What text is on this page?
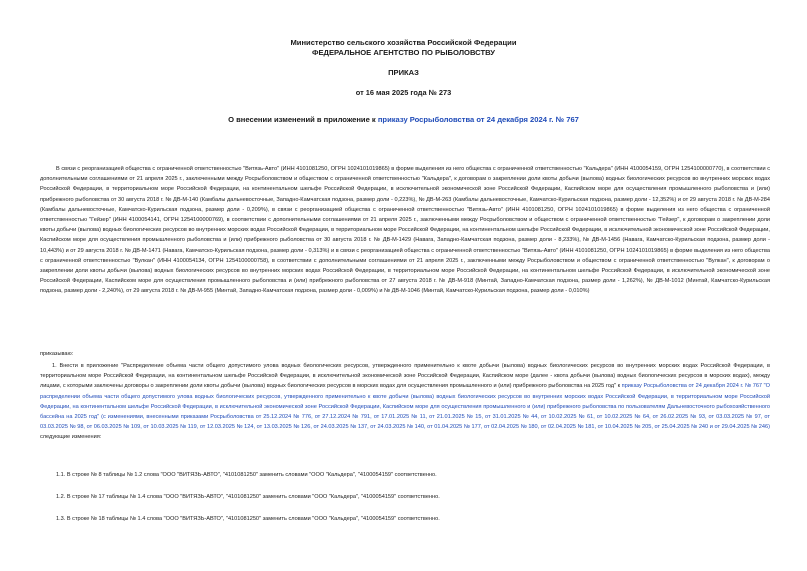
Министерство сельского хозяйства Российской Федерации
ФЕДЕРАЛЬНОЕ АГЕНТСТВО ПО РЫБОЛОВСТВУ
ПРИКАЗ
от 16 мая 2025 года № 273
О внесении изменений в приложение к приказу Росрыболовства от 24 декабря 2024 г. № 767

В связи с реорганизацией общества с ограниченной ответственностью "Витязь-Авто" (ИНН 4101081250, ОГРН 1024101019865) в форме выделения из него общества с ограниченной ответственностью "Кальдера" (ИНН 4100054159, ОГРН 1254100000770), в соответствии с дополнительными соглашениями от 21 апреля 2025 г., заключенными между Росрыболовством и обществом с ограниченной ответственностью "Кальдера", к договорам о закреплении доли квоты добычи (вылова) водных биологических ресурсов во внутренних морских водах Российской Федерации, в территориальном море Российской Федерации, на континентальном шельфе Российской Федерации, в исключительной экономической зоне Российской Федерации, Каспийском море для осуществления промышленного рыболовства и (или) прибрежного рыболовства от 30 августа 2018 г. № ДВ-М-140 (Камбалы дальневосточные, Западно-Камчатская подзона, размер доли - 0,223%), № ДВ-М-263 (Камбалы дальневосточные, Камчатско-Курильская подзона, размер доли - 12,352%) и от 29 августа 2018 г. № ДВ-М-284 (Камбалы дальневосточные, Камчатско-Курильская подзона, размер доли - 0,209%), в связи с реорганизацией общества с ограниченной ответственностью "Витязь-Авто" (ИНН 4101081250, ОГРН 1024101019865) в форме выделения из него общества с ограниченной ответственностью "Гейзер" (ИНН 4100054141, ОГРН 1254100000769), в соответствии с дополнительными соглашениями от 21 апреля 2025 г., заключенными между Росрыболовством и обществом с ограниченной ответственностью "Гейзер", к договорам о закреплении доли квоты добычи (вылова) водных биологических ресурсов во внутренних морских водах Российской Федерации, в территориальном море Российской Федерации, на континентальном шельфе Российской Федерации, в исключительной экономической зоне Российской Федерации, Каспийском море для осуществления промышленного рыболовства и (или) прибрежного рыболовства от 30 августа 2018 г. № ДВ-М-1429 (Навага, Западно-Камчатская подзона, размер доли - 8,233%), № ДВ-М-1456 (Навага, Камчатско-Курильская подзона, размер доли - 10,443%) и от 29 августа 2018 г. № ДВ-М-1471 (Навага, Камчатско-Курильская подзона, размер доли - 0,313%) и в связи с реорганизацией общества с ограниченной ответственностью "Витязь-Авто" (ИНН 4101081250, ОГРН 1024101019865) в форме выделения из него общества с ограниченной ответственностью "Вулкан" (ИНН 4100054134, ОГРН 1254100000758), в соответствии с дополнительными соглашениями от 21 апреля 2025 г., заключенными между Росрыболовством и обществом с ограниченной ответственностью "Вулкан", к договорам о закреплении доли квоты добычи (вылова) водных биологических ресурсов во внутренних морских водах Российской Федерации, в территориальном море Российской Федерации, на континентальном шельфе Российской Федерации, в исключительной экономической зоне Российской Федерации, Каспийском море для осуществления промышленного рыболовства и (или) прибрежного рыболовства от 27 августа 2018 г. № ДВ-М-918 (Минтай, Западно-Камчатская подзона, размер доли - 1,262%), № ДВ-М-1012 (Минтай, Камчатско-Курильская подзона, размер доли - 2,240%), от 29 августа 2018 г. № ДВ-М-955 (Минтай, Западно-Камчатская подзона, размер доли - 0,009%) и № ДВ-М-1046 (Минтай, Камчатско-Курильская подзона, размер доли - 0,010%)

приказываю:

1. Внести в приложение "Распределение объема части общего допустимого улова водных биологических ресурсов, утвержденного применительно к квоте добычи (вылова) водных биологических ресурсов во внутренних морских водах Российской Федерации, в территориальном море Российской Федерации, на континентальном шельфе Российской Федерации, в исключительной экономической зоне Российской Федерации, Каспийском море (далее - квота добычи (вылова) водных биологических ресурсов в морских водах), между лицами, с которыми заключены договоры о закреплении доли квоты добычи (вылова) водных биологических ресурсов в морских водах для осуществления промышленного и (или) прибрежного рыболовства на 2025 год" к приказу Росрыболовства от 24 декабря 2024 г. № 767 "О распределении объема части общего допустимого улова водных биологических ресурсов, утвержденного применительно к квоте добычи (вылова) водных биологических ресурсов во внутренних морских водах Российской Федерации, в территориальном море Российской Федерации, на континентальном шельфе Российской Федерации, в исключительной экономической зоне Российской Федерации, Каспийском море для осуществления промышленного и (или) прибрежного рыболовства по пользователям Дальневосточного рыбохозяйственного бассейна на 2025 год" (с изменениями, внесенными приказами Росрыболовства от 25.12.2024 № 776, от 27.12.2024 № 791, от 17.01.2025 № 11, от 21.01.2025 № 15, от 31.01.2025 № 44, от 10.02.2025 № 61, от 10.02.2025 № 64, от 26.02.2025 № 93, от 03.03.2025 № 97, от 03.03.2025 № 98, от 06.03.2025 № 109, от 10.03.2025 № 119, от 12.03.2025 № 124, от 13.03.2025 № 126, от 24.03.2025 № 137, от 24.03.2025 № 140, от 01.04.2025 № 177, от 02.04.2025 № 180, от 02.04.2025 № 181, от 10.04.2025 № 205, от 25.04.2025 № 240 и от 29.04.2025 № 246) следующие изменения:

1.1. В строке № 8 таблицы № 1.2 слова "ООО "ВИТЯЗЬ-АВТО", "4101081250" заменить словами "ООО "Кальдера", "4100054159" соответственно.

1.2. В строке № 17 таблицы № 1.4 слова "ООО "ВИТЯЗЬ-АВТО", "4101081250" заменить словами "ООО "Кальдера", "4100054159" соответственно.

1.3. В строке № 18 таблицы № 1.4 слова "ООО "ВИТЯЗЬ-АВТО", "4101081250" заменить словами "ООО "Кальдера", "4100054159" соответственно.
